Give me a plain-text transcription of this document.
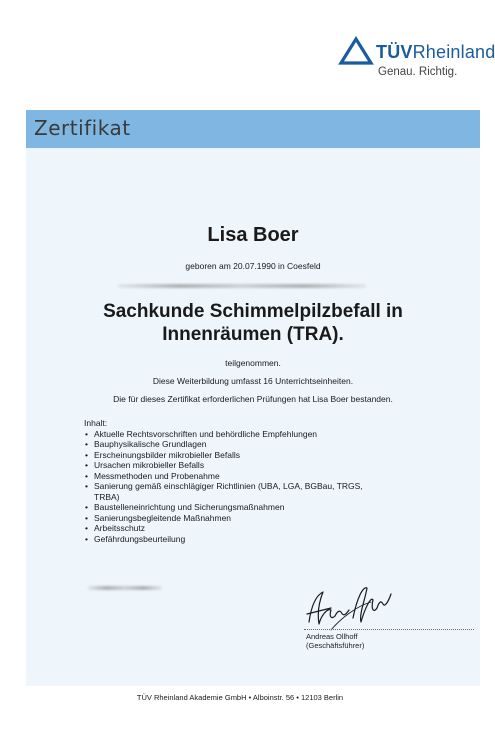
TÜVRheinland
Genau. Richtig.
Zertifikat
Lisa Boer
geboren am 20.07.1990 in Coesfeld
Sachkunde Schimmelpilzbefall in
Innenräumen (TRA).
teilgenommen.
Diese Weiterbildung umfasst 16 Unterrichtseinheiten.
Die für dieses Zertifikat erforderlichen Prüfungen hat Lisa Boer bestanden.
Inhalt:
• Aktuelle Rechtsvorschriften und behördliche Empfehlungen
• Bauphysikalische Grundlagen
• Erscheinungsbilder mikrobieller Befalls
• Ursachen mikrobieller Befalls
• Messmethoden und Probenahme
• Sanierung gemäß einschlägiger Richtlinien (UBA, LGA, BGBau, TRGS,
TRBA)
• Baustelleneinrichtung und Sicherungsmaßnahmen
• Sanierungsbegleitende Maßnahmen
• Arbeitsschutz
• Gefährdungsbeurteilung
Andreas Ollhoff
(Geschäftsführer)
TÜV Rheinland Akademie GmbH • Alboinstr. 56 • 12103 Berlin
